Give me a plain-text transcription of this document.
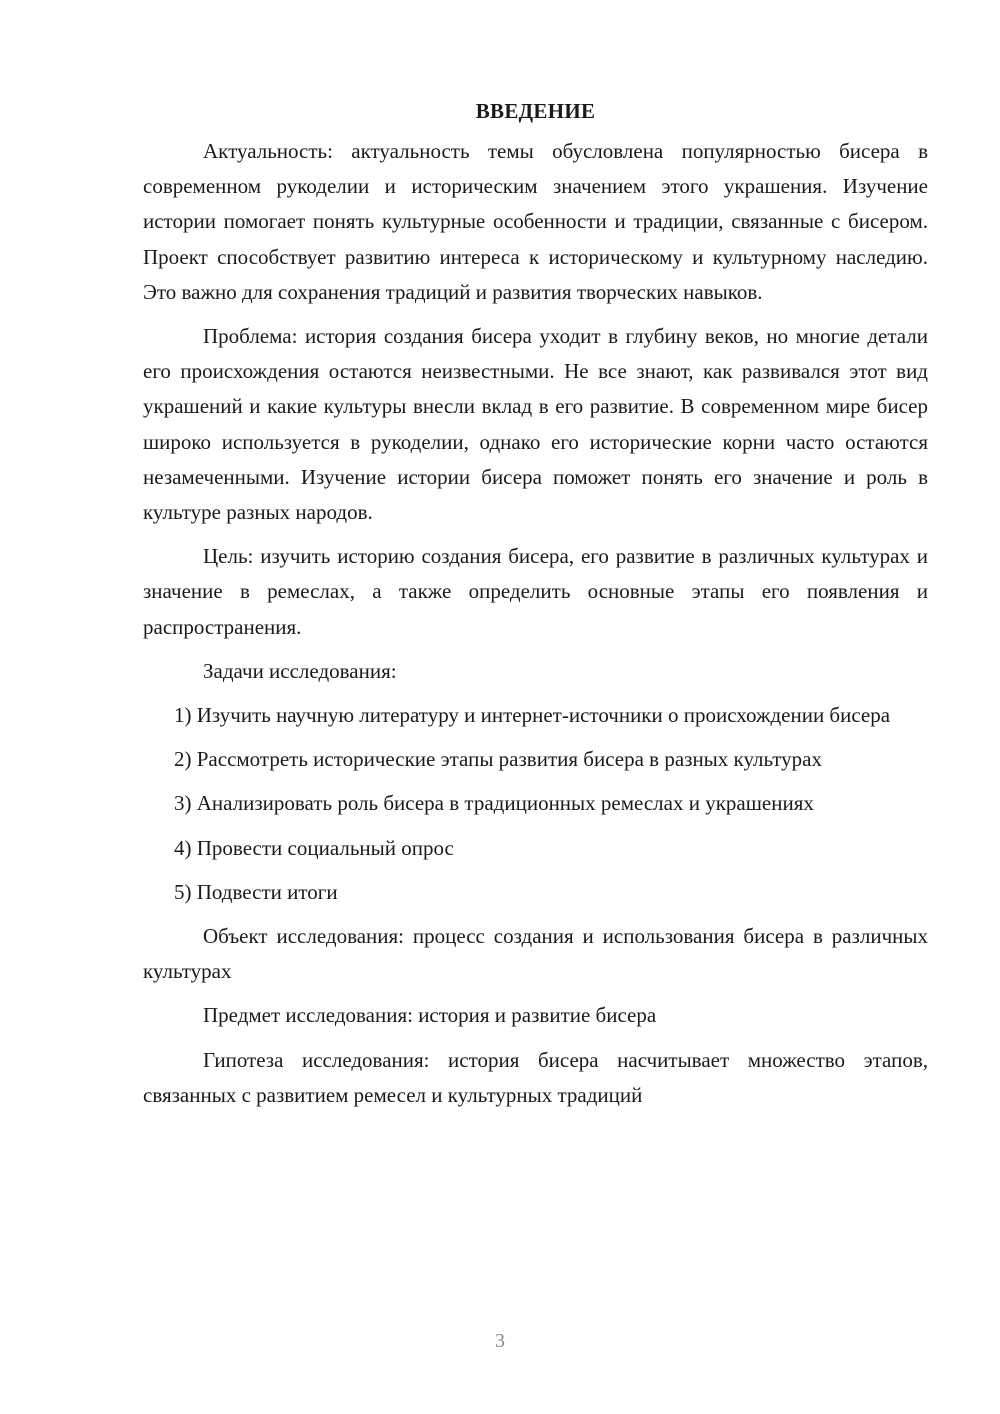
ВВЕДЕНИЕ

Актуальность: актуальность темы обусловлена популярностью бисера в современном рукоделии и историческим значением этого украшения. Изучение истории помогает понять культурные особенности и традиции, связанные с бисером. Проект способствует развитию интереса к историческому и культурному наследию. Это важно для сохранения традиций и развития творческих навыков.

Проблема: история создания бисера уходит в глубину веков, но многие детали его происхождения остаются неизвестными. Не все знают, как развивался этот вид украшений и какие культуры внесли вклад в его развитие. В современном мире бисер широко используется в рукоделии, однако его исторические корни часто остаются незамеченными. Изучение истории бисера поможет понять его значение и роль в культуре разных народов.

Цель: изучить историю создания бисера, его развитие в различных культурах и значение в ремеслах, а также определить основные этапы его появления и распространения.

Задачи исследования:

1) Изучить научную литературу и интернет-источники о происхождении бисера

2) Рассмотреть исторические этапы развития бисера в разных культурах

3) Анализировать роль бисера в традиционных ремеслах и украшениях

4) Провести социальный опрос

5) Подвести итоги

Объект исследования: процесс создания и использования бисера в различных культурах

Предмет исследования: история и развитие бисера

Гипотеза исследования: история бисера насчитывает множество этапов, связанных с развитием ремесел и культурных традиций

3
